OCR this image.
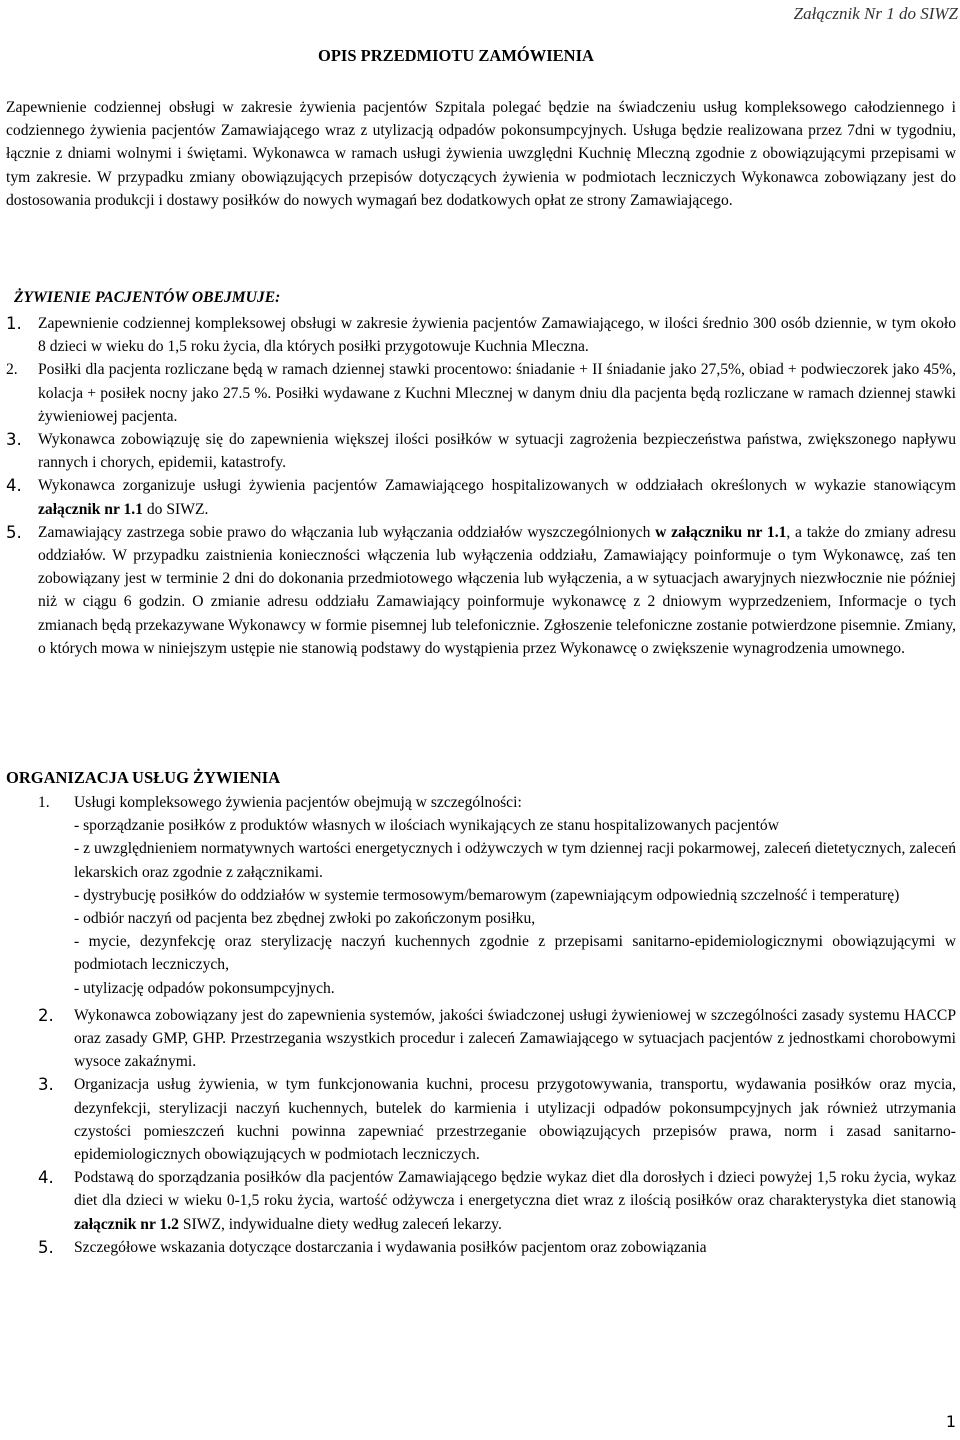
Załącznik Nr 1 do SIWZ
OPIS PRZEDMIOTU ZAMÓWIENIA

Zapewnienie codziennej obsługi w zakresie żywienia pacjentów Szpitala polegać będzie na świadczeniu usług kompleksowego całodziennego i codziennego żywienia pacjentów Zamawiającego wraz z utylizacją odpadów pokonsumpcyjnych. Usługa będzie realizowana przez 7dni w tygodniu, łącznie z dniami wolnymi i świętami. Wykonawca w ramach usługi żywienia uwzględni Kuchnię Mleczną zgodnie z obowiązującymi przepisami w tym zakresie. W przypadku zmiany obowiązujących przepisów dotyczących żywienia w podmiotach leczniczych Wykonawca zobowiązany jest do dostosowania produkcji i dostawy posiłków do nowych wymagań bez dodatkowych opłat ze strony Zamawiającego.

ŻYWIENIE PACJENTÓW OBEJMUJE:

1. Zapewnienie codziennej kompleksowej obsługi w zakresie żywienia pacjentów Zamawiającego, w ilości średnio 300 osób dziennie, w tym około 8 dzieci w wieku do 1,5 roku życia, dla których posiłki przygotowuje Kuchnia Mleczna.
2. Posiłki dla pacjenta rozliczane będą w ramach dziennej stawki procentowo: śniadanie + II śniadanie jako 27,5%, obiad + podwieczorek jako 45%, kolacja + posiłek nocny jako 27.5 %. Posiłki wydawane z Kuchni Mlecznej w danym dniu dla pacjenta będą rozliczane w ramach dziennej stawki żywieniowej pacjenta.
3. Wykonawca zobowiązuję się do zapewnienia większej ilości posiłków w sytuacji zagrożenia bezpieczeństwa państwa, zwiększonego napływu rannych i chorych, epidemii, katastrofy.
4. Wykonawca zorganizuje usługi żywienia pacjentów Zamawiającego hospitalizowanych w oddziałach określonych w wykazie stanowiącym załącznik nr 1.1 do SIWZ.
5. Zamawiający zastrzega sobie prawo do włączania lub wyłączania oddziałów wyszczególnionych w załączniku nr 1.1, a także do zmiany adresu oddziałów. W przypadku zaistnienia konieczności włączenia lub wyłączenia oddziału, Zamawiający poinformuje o tym Wykonawcę, zaś ten zobowiązany jest w terminie 2 dni do dokonania przedmiotowego włączenia lub wyłączenia, a w sytuacjach awaryjnych niezwłocznie nie później niż w ciągu 6 godzin. O zmianie adresu oddziału Zamawiający poinformuje wykonawcę z 2 dniowym wyprzedzeniem, Informacje o tych zmianach będą przekazywane Wykonawcy w formie pisemnej lub telefonicznie. Zgłoszenie telefoniczne zostanie potwierdzone pisemnie. Zmiany, o których mowa w niniejszym ustępie nie stanowią podstawy do wystąpienia przez Wykonawcę o zwiększenie wynagrodzenia umownego.

ORGANIZACJA USŁUG ŻYWIENIA

1. Usługi kompleksowego żywienia pacjentów obejmują w szczególności:
- sporządzanie posiłków z produktów własnych w ilościach wynikających ze stanu hospitalizowanych pacjentów
- z uwzględnieniem normatywnych wartości energetycznych i odżywczych w tym dziennej racji pokarmowej, zaleceń dietetycznych, zaleceń lekarskich oraz zgodnie z załącznikami.
- dystrybucję posiłków do oddziałów w systemie termosowym/bemarowym (zapewniającym odpowiednią szczelność i temperaturę)
- odbiór naczyń od pacjenta bez zbędnej zwłoki po zakończonym posiłku,
- mycie, dezynfekcję oraz sterylizację naczyń kuchennych zgodnie z przepisami sanitarno-epidemiologicznymi obowiązującymi w podmiotach leczniczych,
- utylizację odpadów pokonsumpcyjnych.
2. Wykonawca zobowiązany jest do zapewnienia systemów, jakości świadczonej usługi żywieniowej w szczególności zasady systemu HACCP oraz zasady GMP, GHP. Przestrzegania wszystkich procedur i zaleceń Zamawiającego w sytuacjach pacjentów z jednostkami chorobowymi wysoce zakaźnymi.
3. Organizacja usług żywienia, w tym funkcjonowania kuchni, procesu przygotowywania, transportu, wydawania posiłków oraz mycia, dezynfekcji, sterylizacji naczyń kuchennych, butelek do karmienia i utylizacji odpadów pokonsumpcyjnych jak również utrzymania czystości pomieszczeń kuchni powinna zapewniać przestrzeganie obowiązujących przepisów prawa, norm i zasad sanitarno-epidemiologicznych obowiązujących w podmiotach leczniczych.
4. Podstawą do sporządzania posiłków dla pacjentów Zamawiającego będzie wykaz diet dla dorosłych i dzieci powyżej 1,5 roku życia, wykaz diet dla dzieci w wieku 0-1,5 roku życia, wartość odżywcza i energetyczna diet wraz z ilością posiłków oraz charakterystyka diet stanowią załącznik nr 1.2 SIWZ, indywidualne diety według zaleceń lekarzy.
5. Szczegółowe wskazania dotyczące dostarczania i wydawania posiłków pacjentom oraz zobowiązania
1
